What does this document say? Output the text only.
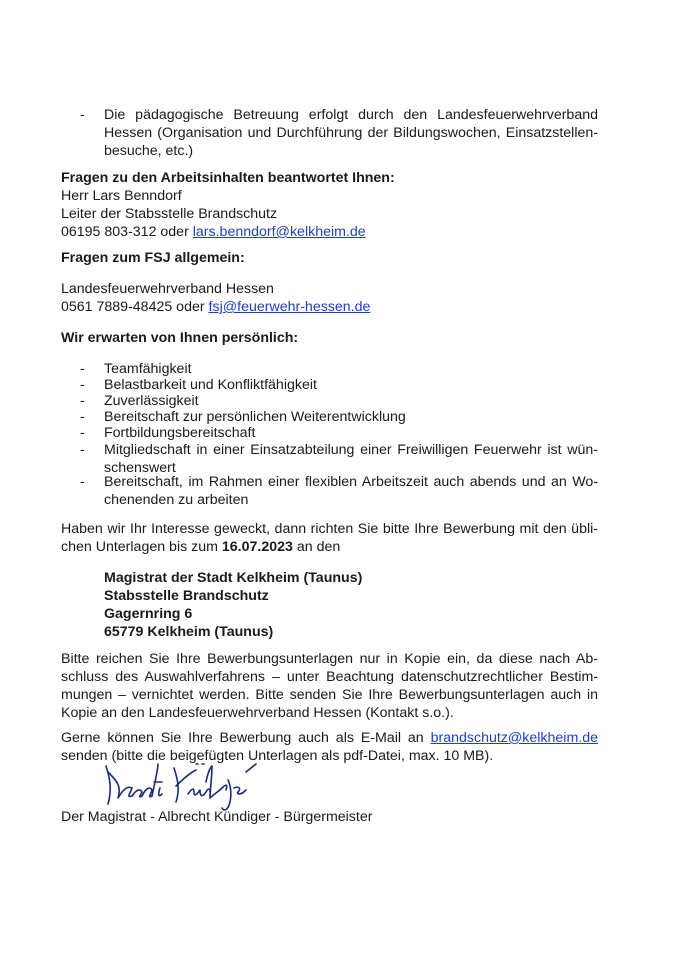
- Die pädagogische Betreuung erfolgt durch den Landesfeuerwehrverband
Hessen (Organisation und Durchführung der Bildungswochen, Einsatzstellen-
besuche, etc.)
Fragen zu den Arbeitsinhalten beantwortet Ihnen:
Herr Lars Benndorf
Leiter der Stabsstelle Brandschutz
06195 803-312 oder lars.benndorf@kelkheim.de
Fragen zum FSJ allgemein:
Landesfeuerwehrverband Hessen
0561 7889-48425 oder fsj@feuerwehr-hessen.de
Wir erwarten von Ihnen persönlich:
- Teamfähigkeit
- Belastbarkeit und Konfliktfähigkeit
- Zuverlässigkeit
- Bereitschaft zur persönlichen Weiterentwicklung
- Fortbildungsbereitschaft
- Mitgliedschaft in einer Einsatzabteilung einer Freiwilligen Feuerwehr ist wün-
schenswert
- Bereitschaft, im Rahmen einer flexiblen Arbeitszeit auch abends und an Wo-
chenenden zu arbeiten
Haben wir Ihr Interesse geweckt, dann richten Sie bitte Ihre Bewerbung mit den übli-
chen Unterlagen bis zum 16.07.2023 an den
Magistrat der Stadt Kelkheim (Taunus)
Stabsstelle Brandschutz
Gagernring 6
65779 Kelkheim (Taunus)
Bitte reichen Sie Ihre Bewerbungsunterlagen nur in Kopie ein, da diese nach Ab-
schluss des Auswahlverfahrens – unter Beachtung datenschutzrechtlicher Bestim-
mungen – vernichtet werden. Bitte senden Sie Ihre Bewerbungsunterlagen auch in
Kopie an den Landesfeuerwehrverband Hessen (Kontakt s.o.).
Gerne können Sie Ihre Bewerbung auch als E-Mail an brandschutz@kelkheim.de
senden (bitte die beigefügten Unterlagen als pdf-Datei, max. 10 MB).
Der Magistrat - Albrecht Kündiger - Bürgermeister
